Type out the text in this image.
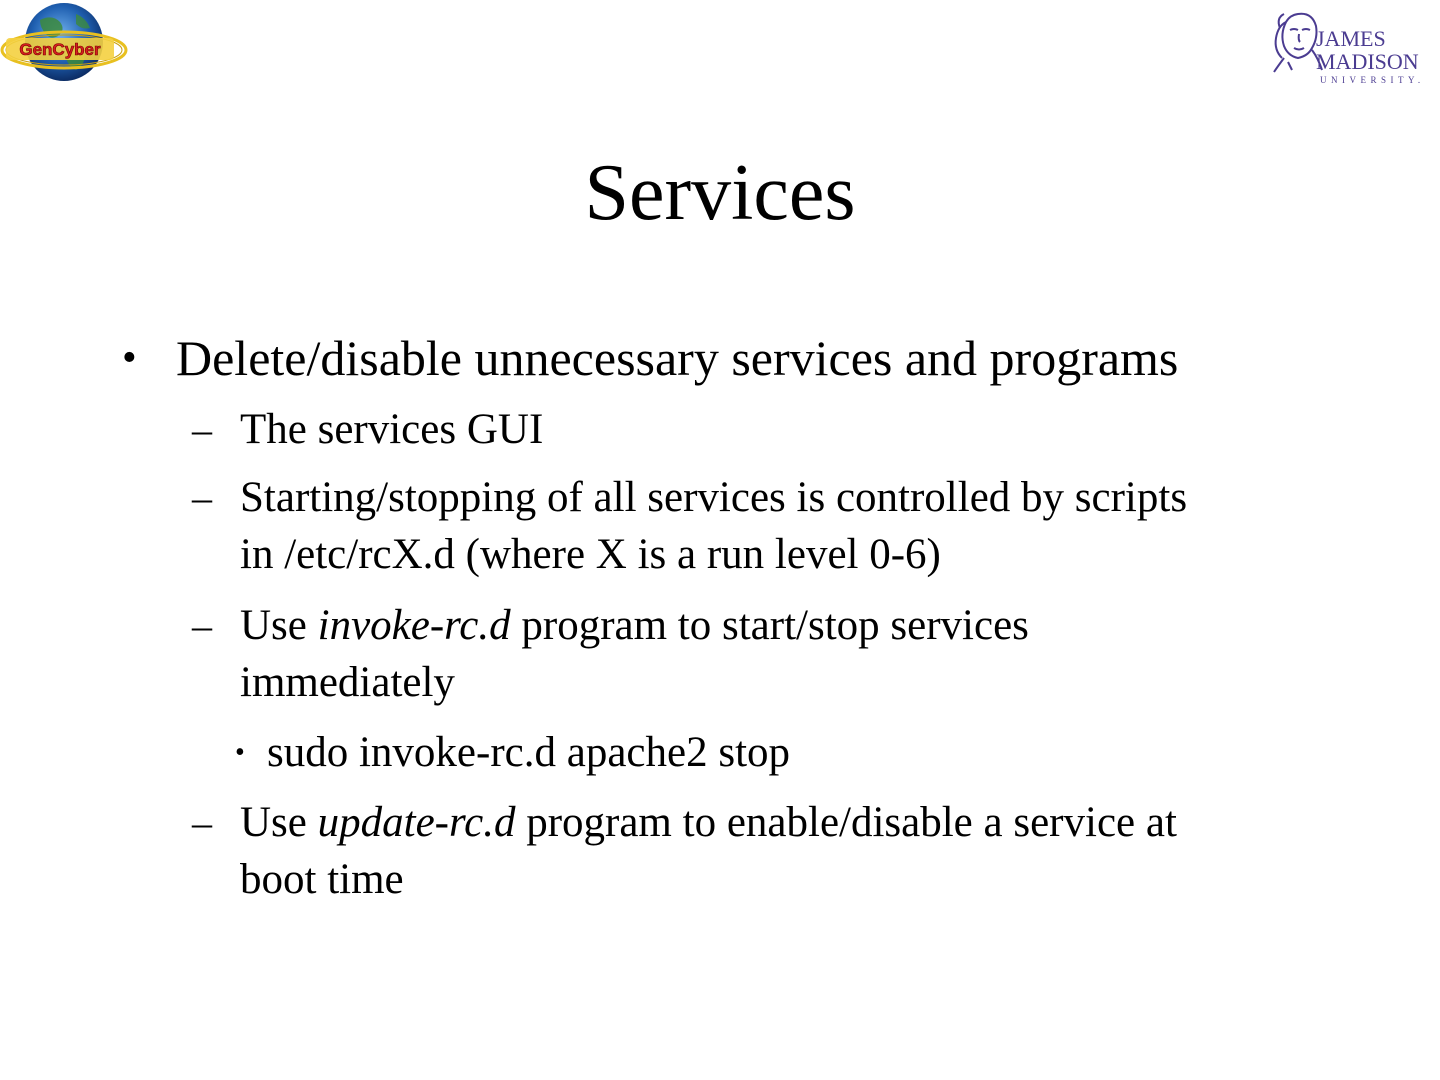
GenCyber	JAMES
MADISON
UNIVERSITY.
Services
• Delete/disable unnecessary services and programs
– The services GUI
– Starting/stopping of all services is controlled by scripts
in /etc/rcX.d (where X is a run level 0-6)
– Use invoke-rc.d program to start/stop services
immediately
• sudo invoke-rc.d apache2 stop
– Use update-rc.d program to enable/disable a service at
boot time
